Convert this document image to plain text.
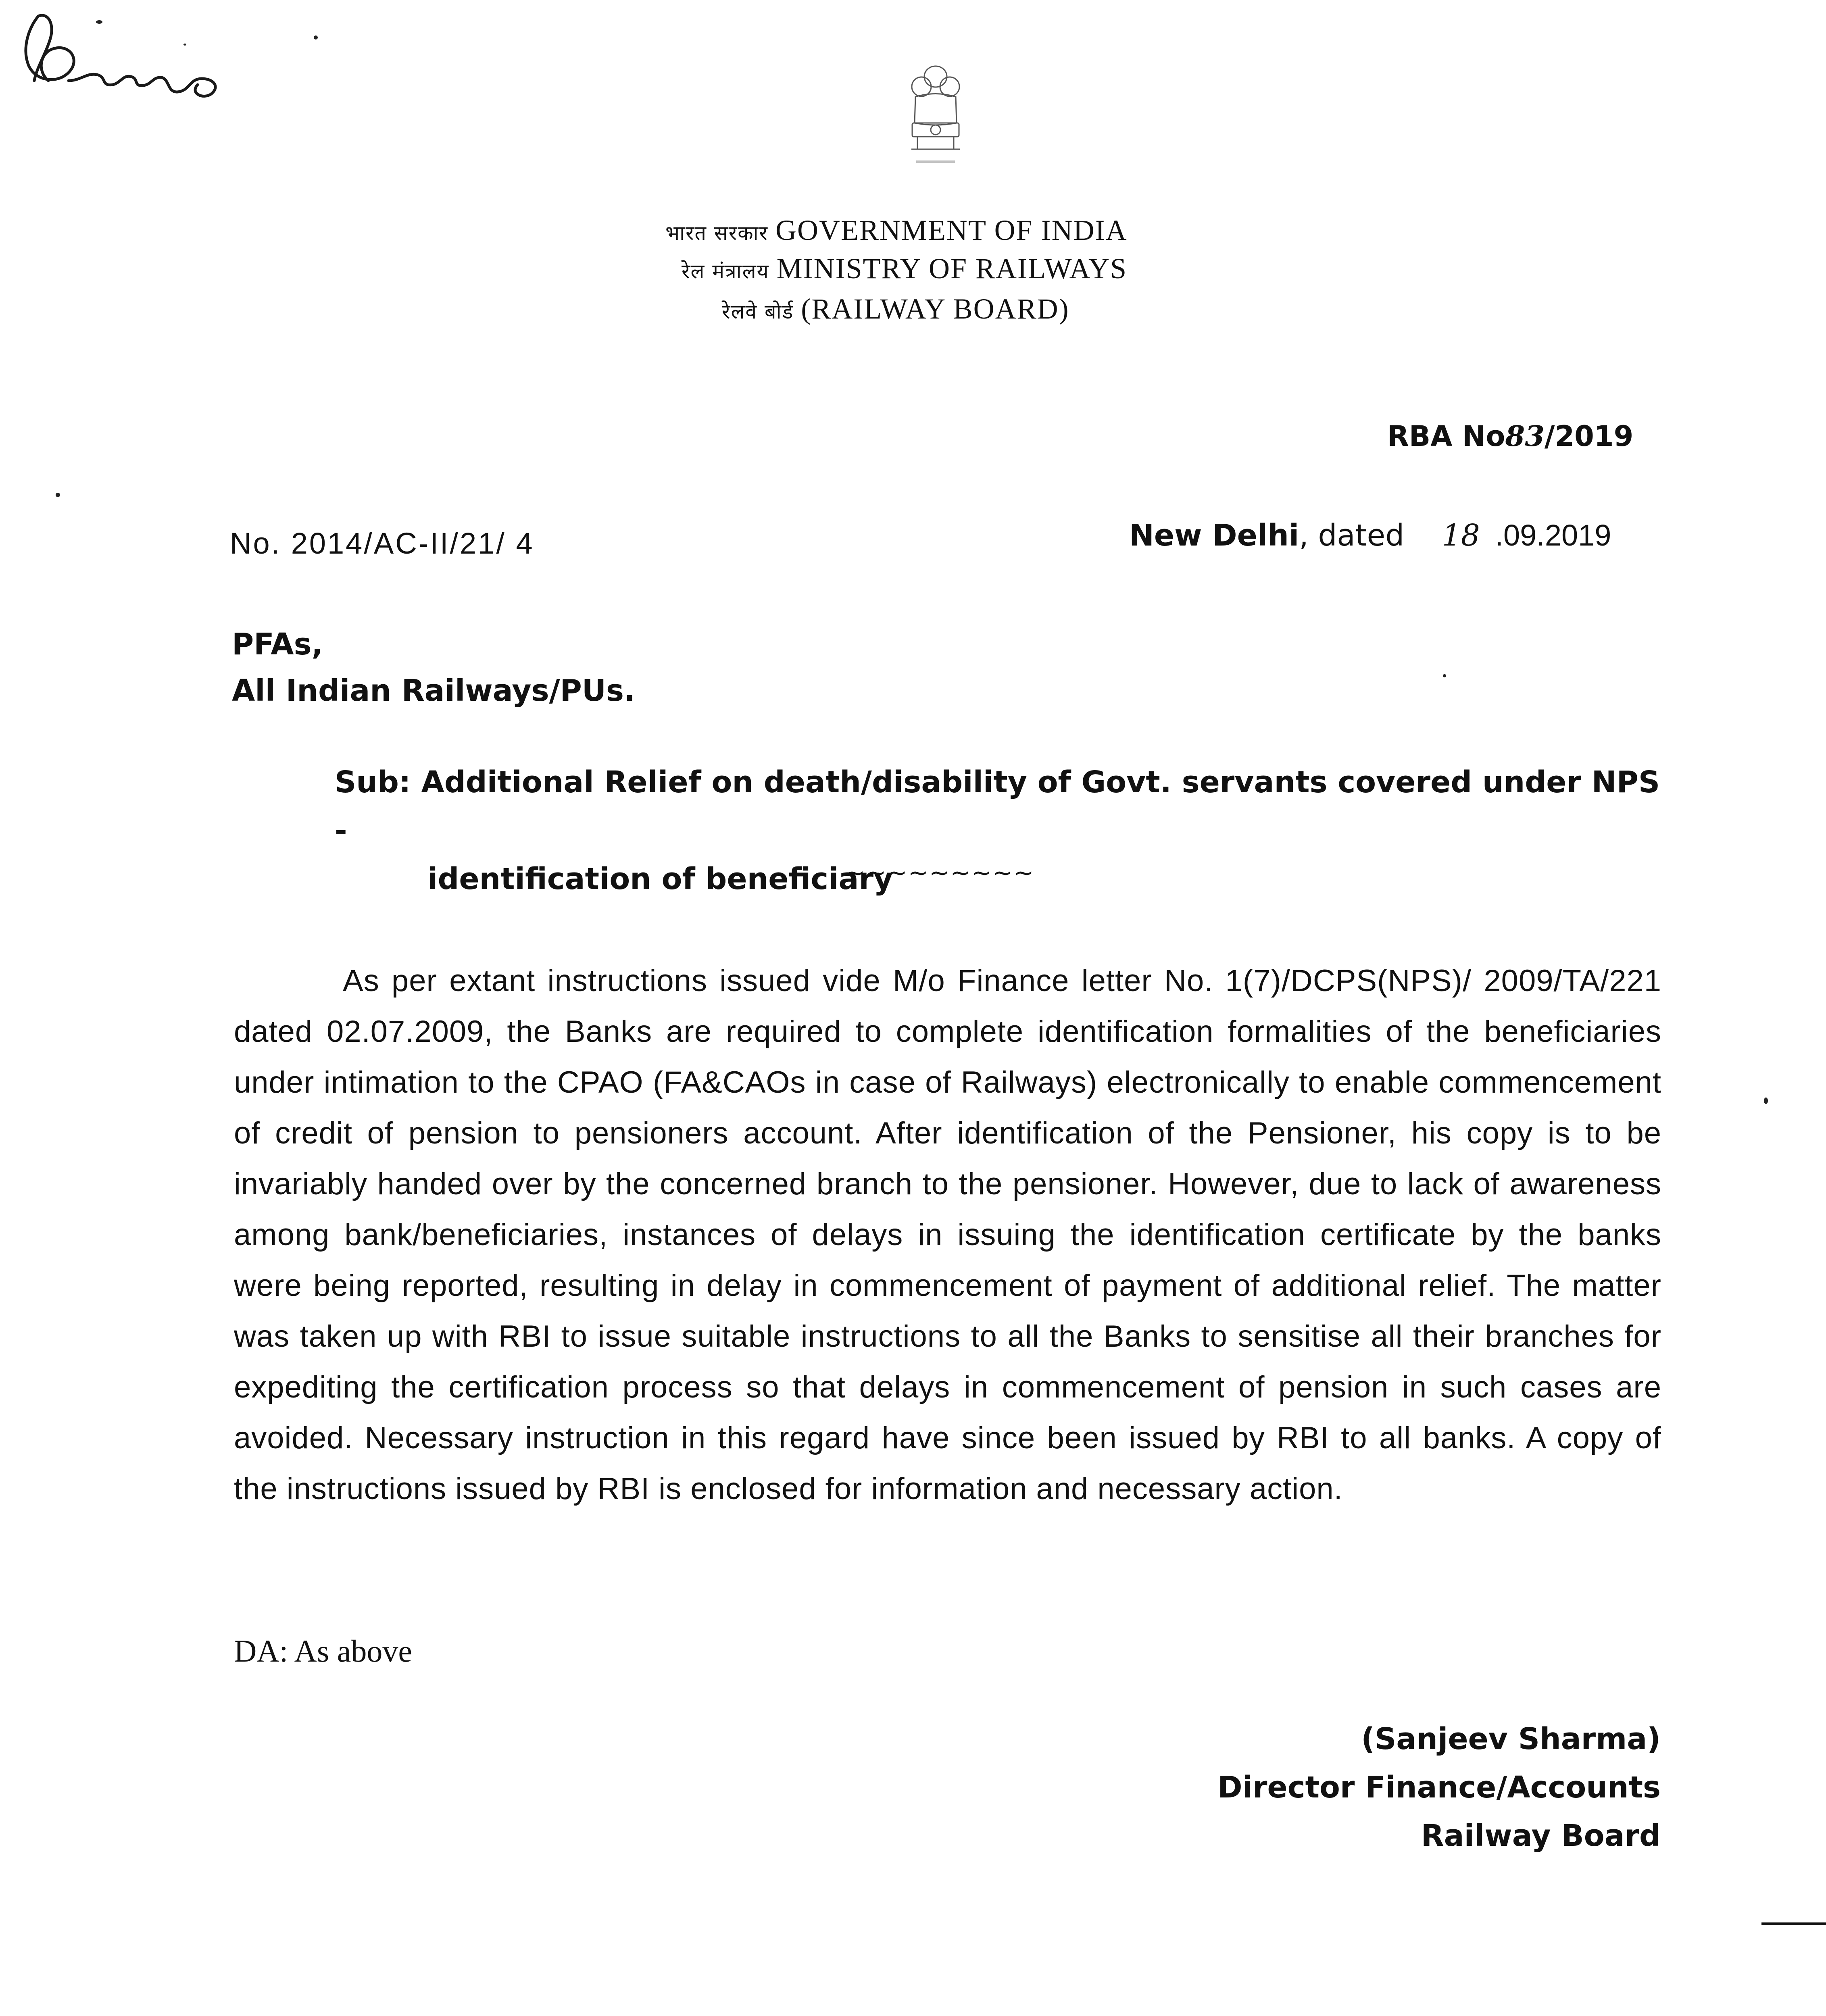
भारत सरकार GOVERNMENT OF INDIA
रेल मंत्रालय MINISTRY OF RAILWAYS
रेलवे बोर्ड (RAILWAY BOARD)
RBA No83/2019
No. 2014/AC-II/21/ 4	New Delhi, dated 18 .09.2019
PFAs,
All Indian Railways/PUs.
Sub: Additional Relief on death/disability of Govt. servants covered under NPS -
identification of beneficiary
~~~~~~~~~
As per extant instructions issued vide M/o Finance letter No. 1(7)/DCPS(NPS)/ 2009/TA/221 dated 02.07.2009, the Banks are required to complete identification formalities of the beneficiaries under intimation to the CPAO (FA&CAOs in case of Railways) electronically to enable commencement of credit of pension to pensioners account. After identification of the Pensioner, his copy is to be invariably handed over by the concerned branch to the pensioner. However, due to lack of awareness among bank/beneficiaries, instances of delays in issuing the identification certificate by the banks were being reported, resulting in delay in commencement of payment of additional relief. The matter was taken up with RBI to issue suitable instructions to all the Banks to sensitise all their branches for expediting the certification process so that delays in commencement of pension in such cases are avoided. Necessary instruction in this regard have since been issued by RBI to all banks. A copy of the instructions issued by RBI is enclosed for information and necessary action.
DA: As above
(Sanjeev Sharma)
Director Finance/Accounts
Railway Board
